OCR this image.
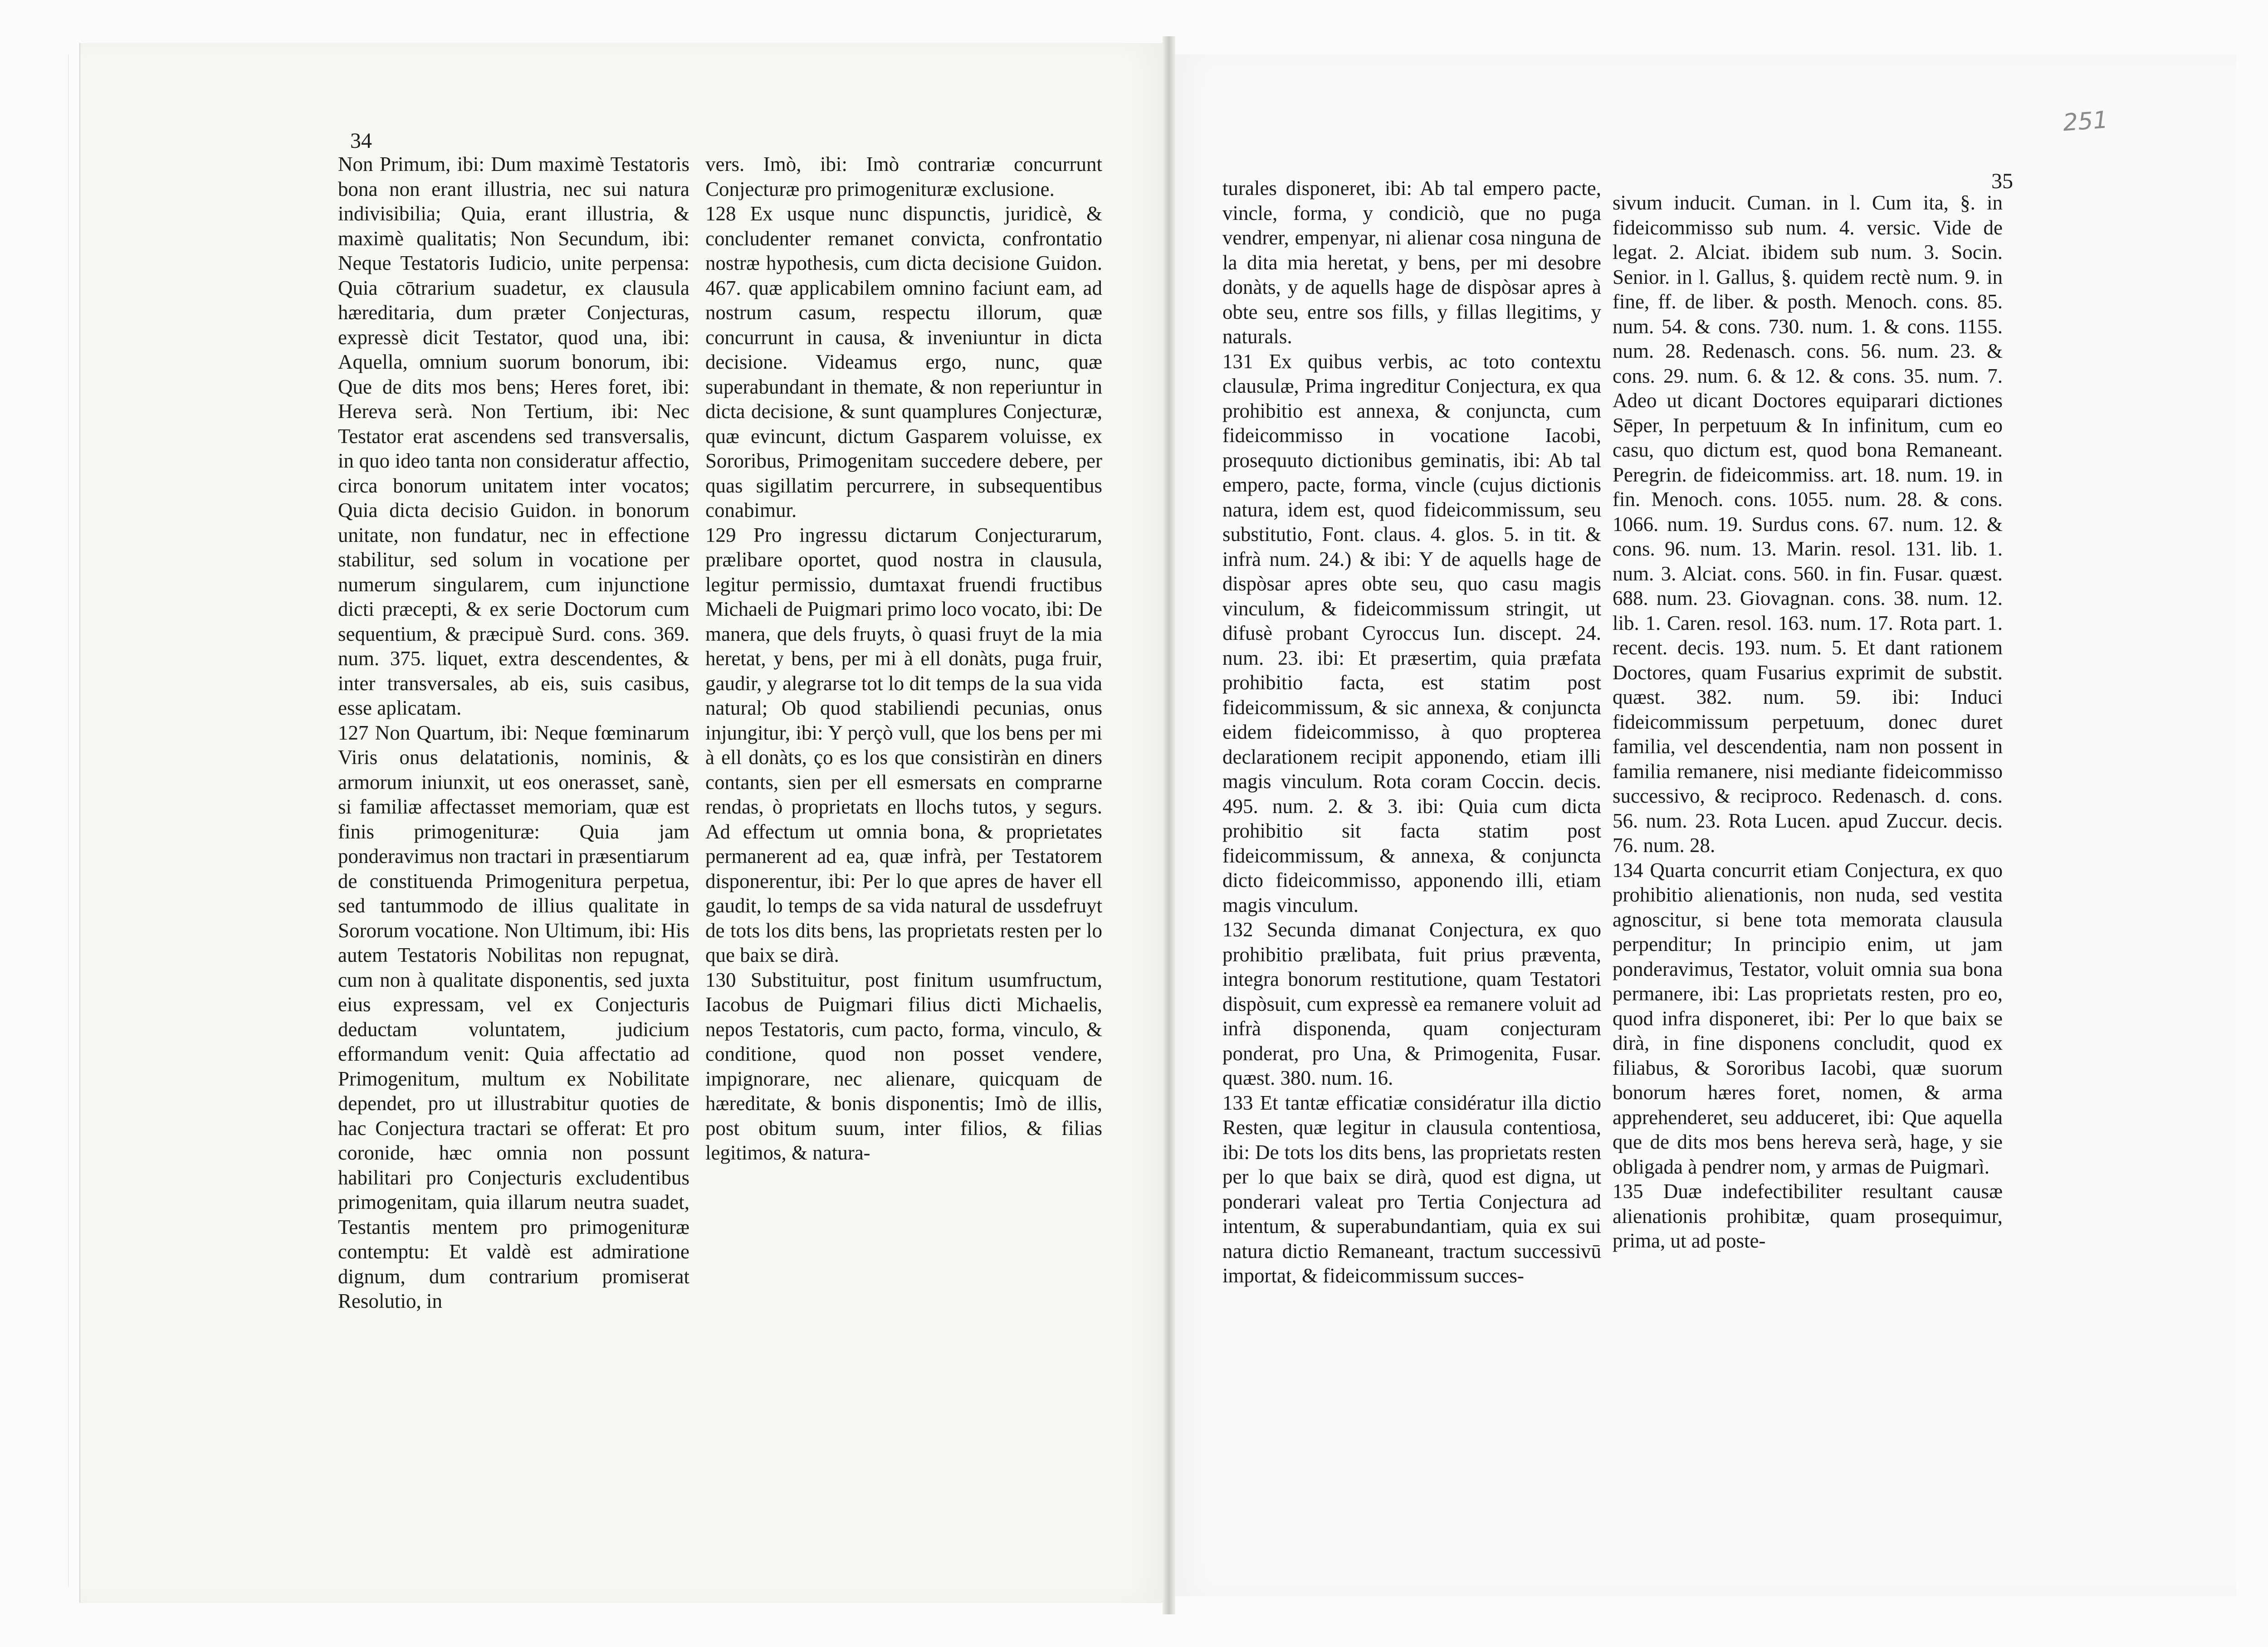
34
35
251

Non Primum, ibi: Dum maximè Testatoris bona non erant illustria, nec sui natura indivisibilia; Quia, erant illustria, & maximè qualitatis; Non Secundum, ibi: Neque Testatoris Iudicio, unite perpensa: Quia cōtrarium suadetur, ex clausula hæreditaria, dum præter Conjecturas, expressè dicit Testator, quod una, ibi: Aquella, omnium suorum bonorum, ibi: Que de dits mos bens; Heres foret, ibi: Hereva serà. Non Tertium, ibi: Nec Testator erat ascendens sed transversalis, in quo ideo tanta non consideratur affectio, circa bonorum unitatem inter vocatos; Quia dicta decisio Guidon. in bonorum unitate, non fundatur, nec in effectione stabilitur, sed solum in vocatione per numerum singularem, cum injunctione dicti præcepti, & ex serie Doctorum cum sequentium, & præcipuè Surd. cons. 369. num. 375. liquet, extra descendentes, & inter transversales, ab eis, suis casibus, esse aplicatam.
127 Non Quartum, ibi: Neque fœminarum Viris onus delatationis, nominis, & armorum iniunxit, ut eos onerasset, sanè, si familiæ affectasset memoriam, quæ est finis primogenituræ: Quia jam ponderavimus non tractari in præsentiarum de constituenda Primogenitura perpetua, sed tantummodo de illius qualitate in Sororum vocatione. Non Ultimum, ibi: His autem Testatoris Nobilitas non repugnat, cum non à qualitate disponentis, sed juxta eius expressam, vel ex Conjecturis deductam voluntatem, judicium efformandum venit: Quia affectatio ad Primogenitum, multum ex Nobilitate dependet, pro ut illustrabitur quoties de hac Conjectura tractari se offerat: Et pro coronide, hæc omnia non possunt habilitari pro Conjecturis excludentibus primogenitam, quia illarum neutra suadet, Testantis mentem pro primogenituræ contemptu: Et valdè est admiratione dignum, dum contrarium promiserat Resolutio, in

vers. Imò, ibi: Imò contrariæ concurrunt Conjecturæ pro primogenituræ exclusione.
128 Ex usque nunc dispunctis, juridicè, & concludenter remanet convicta, confrontatio nostræ hypothesis, cum dicta decisione Guidon. 467. quæ applicabilem omnino faciunt eam, ad nostrum casum, respectu illorum, quæ concurrunt in causa, & inveniuntur in dicta decisione. Videamus ergo, nunc, quæ superabundant in themate, & non reperiuntur in dicta decisione, & sunt quamplures Conjecturæ, quæ evincunt, dictum Gasparem voluisse, ex Sororibus, Primogenitam succedere debere, per quas sigillatim percurrere, in subsequentibus conabimur.
129 Pro ingressu dictarum Conjecturarum, prælibare oportet, quod nostra in clausula, legitur permissio, dumtaxat fruendi fructibus Michaeli de Puigmari primo loco vocato, ibi: De manera, que dels fruyts, ò quasi fruyt de la mia heretat, y bens, per mi à ell donàts, puga fruir, gaudir, y alegrarse tot lo dit temps de la sua vida natural; Ob quod stabiliendi pecunias, onus injungitur, ibi: Y perçò vull, que los bens per mi à ell donàts, ço es los que consistiràn en diners contants, sien per ell esmersats en comprarne rendas, ò proprietats en llochs tutos, y segurs. Ad effectum ut omnia bona, & proprietates permanerent ad ea, quæ infrà, per Testatorem disponerentur, ibi: Per lo que apres de haver ell gaudit, lo temps de sa vida natural de ussdefruyt de tots los dits bens, las proprietats resten per lo que baix se dirà.
130 Substituitur, post finitum usumfructum, Iacobus de Puigmari filius dicti Michaelis, nepos Testatoris, cum pacto, forma, vinculo, & conditione, quod non posset vendere, impignorare, nec alienare, quicquam de hæreditate, & bonis disponentis; Imò de illis, post obitum suum, inter filios, & filias legitimos, & natura-

turales disponeret, ibi: Ab tal empero pacte, vincle, forma, y condiciò, que no puga vendrer, empenyar, ni alienar cosa ninguna de la dita mia heretat, y bens, per mi desobre donàts, y de aquells hage de dispòsar apres à obte seu, entre sos fills, y fillas llegitims, y naturals.
131 Ex quibus verbis, ac toto contextu clausulæ, Prima ingreditur Conjectura, ex qua prohibitio est annexa, & conjuncta, cum fideicommisso in vocatione Iacobi, prosequuto dictionibus geminatis, ibi: Ab tal empero, pacte, forma, vincle (cujus dictionis natura, idem est, quod fideicommissum, seu substitutio, Font. claus. 4. glos. 5. in tit. & infrà num. 24.) & ibi: Y de aquells hage de dispòsar apres obte seu, quo casu magis vinculum, & fideicommissum stringit, ut difusè probant Cyroccus Iun. discept. 24. num. 23. ibi: Et præsertim, quia præfata prohibitio facta, est statim post fideicommissum, & sic annexa, & conjuncta eidem fideicommisso, à quo propterea declarationem recipit apponendo, etiam illi magis vinculum. Rota coram Coccin. decis. 495. num. 2. & 3. ibi: Quia cum dicta prohibitio sit facta statim post fideicommissum, & annexa, & conjuncta dicto fideicommisso, apponendo illi, etiam magis vinculum.
132 Secunda dimanat Conjectura, ex quo prohibitio prælibata, fuit prius præventa, integra bonorum restitutione, quam Testatori dispòsuit, cum expressè ea remanere voluit ad infrà disponenda, quam conjecturam ponderat, pro Una, & Primogenita, Fusar. quæst. 380. num. 16.
133 Et tantæ efficatiæ considératur illa dictio Resten, quæ legitur in clausula contentiosa, ibi: De tots los dits bens, las proprietats resten per lo que baix se dirà, quod est digna, ut ponderari valeat pro Tertia Conjectura ad intentum, & superabundantiam, quia ex sui natura dictio Remaneant, tractum successivū importat, & fideicommissum succes-

sivum inducit. Cuman. in l. Cum ita, §. in fideicommisso sub num. 4. versic. Vide de legat. 2. Alciat. ibidem sub num. 3. Socin. Senior. in l. Gallus, §. quidem rectè num. 9. in fine, ff. de liber. & posth. Menoch. cons. 85. num. 54. & cons. 730. num. 1. & cons. 1155. num. 28. Redenasch. cons. 56. num. 23. & cons. 29. num. 6. & 12. & cons. 35. num. 7. Adeo ut dicant Doctores equiparari dictiones Sēper, In perpetuum & In infinitum, cum eo casu, quo dictum est, quod bona Remaneant. Peregrin. de fideicommiss. art. 18. num. 19. in fin. Menoch. cons. 1055. num. 28. & cons. 1066. num. 19. Surdus cons. 67. num. 12. & cons. 96. num. 13. Marin. resol. 131. lib. 1. num. 3. Alciat. cons. 560. in fin. Fusar. quæst. 688. num. 23. Giovagnan. cons. 38. num. 12. lib. 1. Caren. resol. 163. num. 17. Rota part. 1. recent. decis. 193. num. 5. Et dant rationem Doctores, quam Fusarius exprimit de substit. quæst. 382. num. 59. ibi: Induci fideicommissum perpetuum, donec duret familia, vel descendentia, nam non possent in familia remanere, nisi mediante fideicommisso successivo, & reciproco. Redenasch. d. cons. 56. num. 23. Rota Lucen. apud Zuccur. decis. 76. num. 28.
134 Quarta concurrit etiam Conjectura, ex quo prohibitio alienationis, non nuda, sed vestita agnoscitur, si bene tota memorata clausula perpenditur; In principio enim, ut jam ponderavimus, Testator, voluit omnia sua bona permanere, ibi: Las proprietats resten, pro eo, quod infra disponeret, ibi: Per lo que baix se dirà, in fine disponens concludit, quod ex filiabus, & Sororibus Iacobi, quæ suorum bonorum hæres foret, nomen, & arma apprehenderet, seu adduceret, ibi: Que aquella que de dits mos bens hereva serà, hage, y sie obligada à pendrer nom, y armas de Puigmarì.
135 Duæ indefectibiliter resultant causæ alienationis prohibitæ, quam prosequimur, prima, ut ad poste-
